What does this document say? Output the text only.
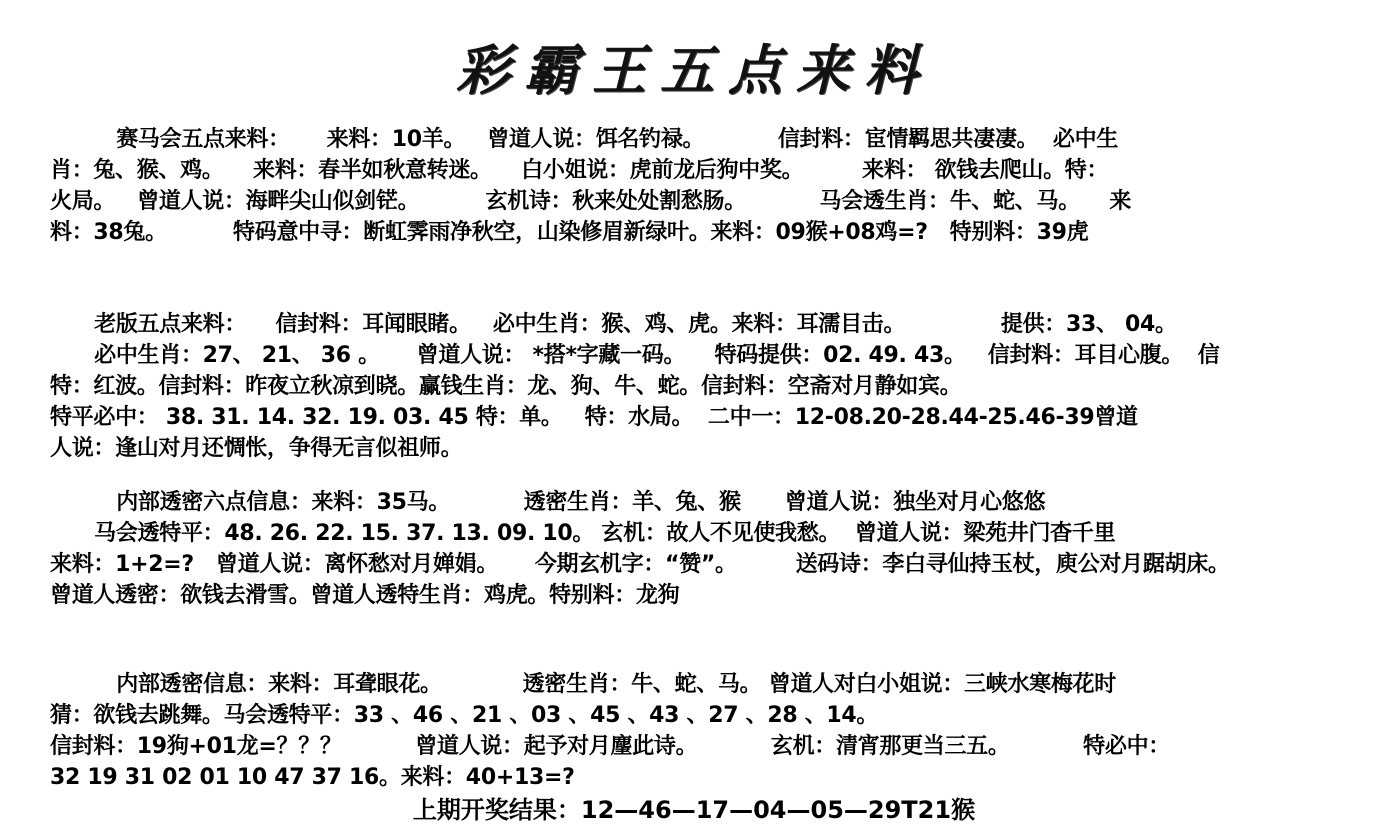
彩霸王五点来料
赛马会五点来料：     来料：10羊。   曾道人说：饵名钓禄。          信封料：宦情羁思共凄凄。  必中生
肖：兔、猴、鸡。    来料：春半如秋意转迷。    白小姐说：虎前龙后狗中奖。        来料： 欲钱去爬山。特：
火局。   曾道人说：海畔尖山似剑铓。         玄机诗：秋来处处割愁肠。          马会透生肖：牛、蛇、马。    来
料：38兔。         特码意中寻：断虹霁雨净秋空，山染修眉新绿叶。来料：09猴+08鸡=?   特别料：39虎
老版五点来料：    信封料：耳闻眼睹。   必中生肖：猴、鸡、虎。来料：耳濡目击。             提供：33、 04。
必中生肖：27、 21、 36 。     曾道人说： *搭*字藏一码。    特码提供：02. 49. 43。   信封料：耳目心腹。  信
特：红波。信封料：昨夜立秋凉到晓。赢钱生肖：龙、狗、牛、蛇。信封料：空斋对月静如宾。
特平必中： 38. 31. 14. 32. 19. 03. 45 特：单。   特：水局。  二中一：12-08.20-28.44-25.46-39曾道
人说：逢山对月还惆怅，争得无言似祖师。
内部透密六点信息：来料：35马。          透密生肖：羊、兔、猴      曾道人说：独坐对月心悠悠
马会透特平：48. 26. 22. 15. 37. 13. 09. 10。 玄机：故人不见使我愁。  曾道人说：梁苑井门杳千里
来料：1+2=?   曾道人说：离怀愁对月婵娟。     今期玄机字：“赞”。        送码诗：李白寻仙持玉杖，庾公对月踞胡床。
曾道人透密：欲钱去滑雪。曾道人透特生肖：鸡虎。特别料：龙狗
内部透密信息：来料：耳聋眼花。           透密生肖：牛、蛇、马。 曾道人对白小姐说：三峡水寒梅花时
猜：欲钱去跳舞。马会透特平：33 、46 、21 、03 、45 、43 、27 、28 、14。
信封料：19狗+01龙=？？？          曾道人说：起予对月麈此诗。          玄机：清宵那更当三五。          特必中：
32 19 31 02 01 10 47 37 16。来料：40+13=?
上期开奖结果：12—46—17—04—05—29T21猴
